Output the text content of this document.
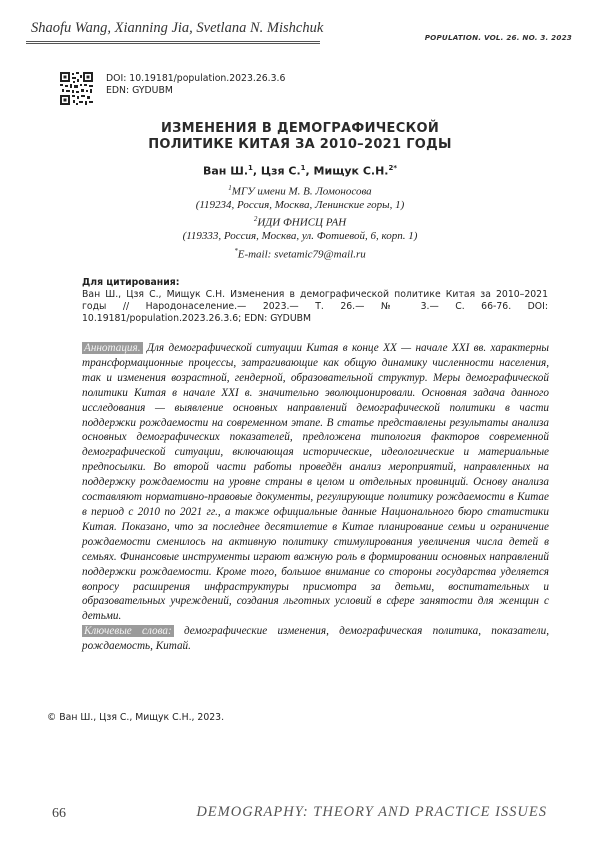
Shaofu Wang, Xianning Jia, Svetlana N. Mishchuk
POPULATION. VOL. 26. NO. 3. 2023
DOI: 10.19181/population.2023.26.3.6
EDN: GYDUBM
ИЗМЕНЕНИЯ В ДЕМОГРАФИЧЕСКОЙ
ПОЛИТИКЕ КИТАЯ ЗА 2010–2021 ГОДЫ
Ван Ш.$^1$, Цзя С.$^1$, Мищук С.Н.$^{2*}$

$^1$МГУ имени М. В. Ломоносова

(119234, Россия, Москва, Ленинские горы, 1)

$^2$ИДИ ФНИСЦ РАН

(119333, Россия, Москва, ул. Фотиевой, 6, корп. 1)

*E-mail: svetamic79@mail.ru
Для цитирования:
Ван Ш., Цзя С., Мищук С.Н. Изменения в демографической политике Китая за 2010–2021 годы // Народонаселение.— 2023.— Т. 26.— № 3.— С. 66-76. DOI: 10.19181/population.2023.26.3.6; EDN: GYDUBM

Аннотация. Для демографической ситуации Китая в конце XX — начале XXI вв. характерны трансформационные процессы, затрагивающие как общую динамику численности населения, так и изменения возрастной, гендерной, образовательной структур. Меры демографической политики Китая в начале XXI в. значительно эволюционировали. Основная задача данного исследования — выявление основных направлений демографической политики в части поддержки рождаемости на современном этапе. В статье представлены результаты анализа основных демографических показателей, предложена типология факторов современной демографической ситуации, включающая исторические, идеологические и материальные предпосылки. Во второй части работы проведён анализ мероприятий, направленных на поддержку рождаемости на уровне страны в целом и отдельных провинций. Основу анализа составляют нормативно-правовые документы, регулирующие политику рождаемости в Китае в период с 2010 по 2021 гг., а также официальные данные Национального бюро статистики Китая. Показано, что за последнее десятилетие в Китае планирование семьи и ограничение рождаемости сменилось на активную политику стимулирования увеличения числа детей в семьях. Финансовые инструменты играют важную роль в формировании основных направлений поддержки рождаемости. Кроме того, большое внимание со стороны государства уделяется вопросу расширения инфраструктуры присмотра за детьми, воспитательных и образовательных учреждений, создания льготных условий в сфере занятости для женщин с детьми.

Ключевые слова: демографические изменения, демографическая политика, показатели, рождаемость, Китай.

© Ван Ш., Цзя С., Мищук С.Н., 2023.
66	DEMOGRAPHY: THEORY AND PRACTICE ISSUES
